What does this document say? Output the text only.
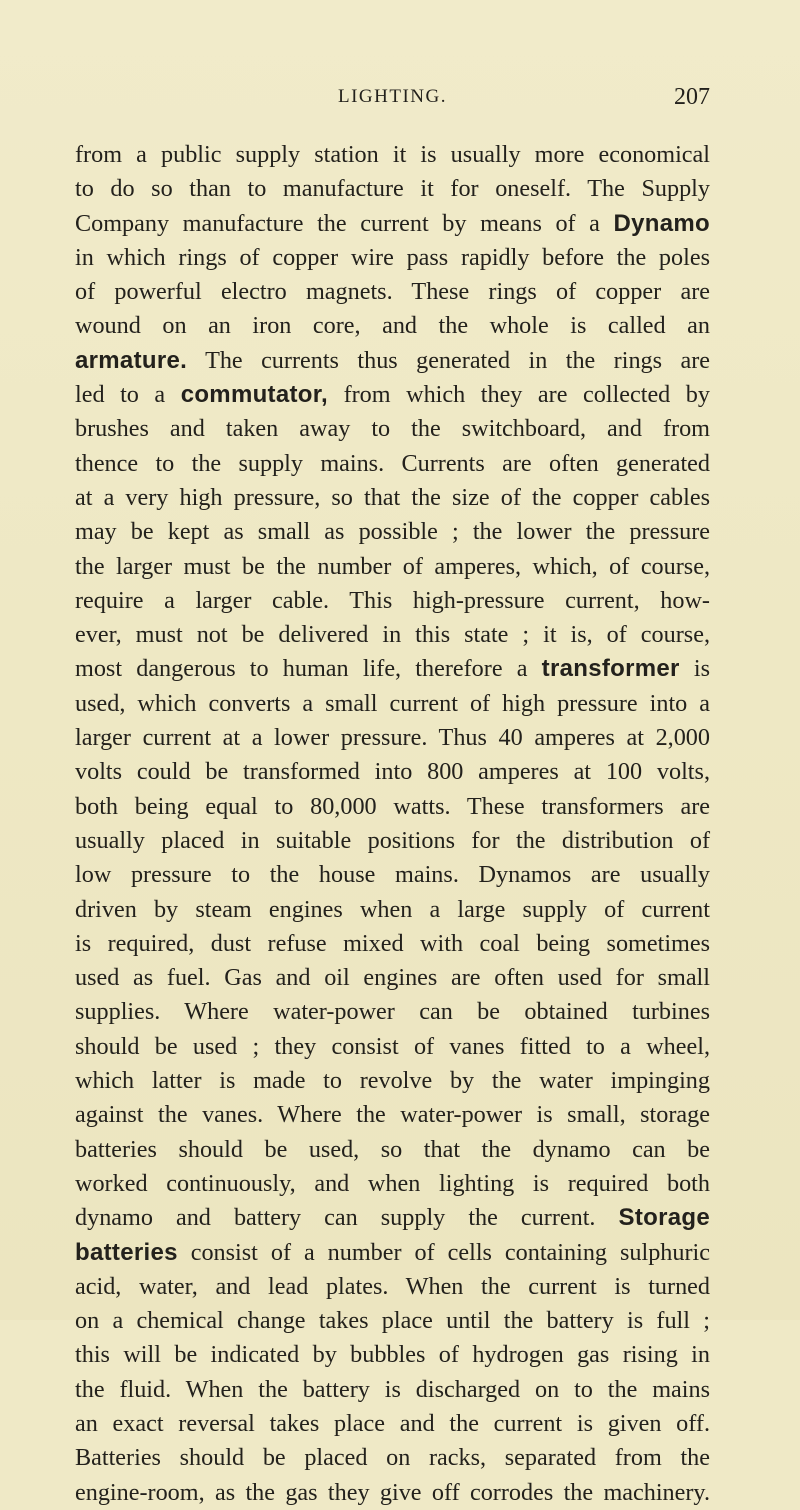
LIGHTING.	207
from a public supply station it is usually more economical
to do so than to manufacture it for oneself. The Supply
Company manufacture the current by means of a Dynamo
in which rings of copper wire pass rapidly before the poles
of powerful electro magnets. These rings of copper are
wound on an iron core, and the whole is called an
armature. The currents thus generated in the rings are
led to a commutator, from which they are collected by
brushes and taken away to the switchboard, and from
thence to the supply mains. Currents are often generated
at a very high pressure, so that the size of the copper cables
may be kept as small as possible ; the lower the pressure
the larger must be the number of amperes, which, of course,
require a larger cable. This high-pressure current, how-
ever, must not be delivered in this state ; it is, of course,
most dangerous to human life, therefore a transformer is
used, which converts a small current of high pressure into a
larger current at a lower pressure. Thus 40 amperes at 2,000
volts could be transformed into 800 amperes at 100 volts,
both being equal to 80,000 watts. These transformers are
usually placed in suitable positions for the distribution of
low pressure to the house mains. Dynamos are usually
driven by steam engines when a large supply of current
is required, dust refuse mixed with coal being sometimes
used as fuel. Gas and oil engines are often used for small
supplies. Where water-power can be obtained turbines
should be used ; they consist of vanes fitted to a wheel,
which latter is made to revolve by the water impinging
against the vanes. Where the water-power is small, storage
batteries should be used, so that the dynamo can be
worked continuously, and when lighting is required both
dynamo and battery can supply the current. Storage
batteries consist of a number of cells containing sulphuric
acid, water, and lead plates. When the current is turned
on a chemical change takes place until the battery is full ;
this will be indicated by bubbles of hydrogen gas rising in
the fluid. When the battery is discharged on to the mains
an exact reversal takes place and the current is given off.
Batteries should be placed on racks, separated from the
engine-room, as the gas they give off corrodes the machinery.
